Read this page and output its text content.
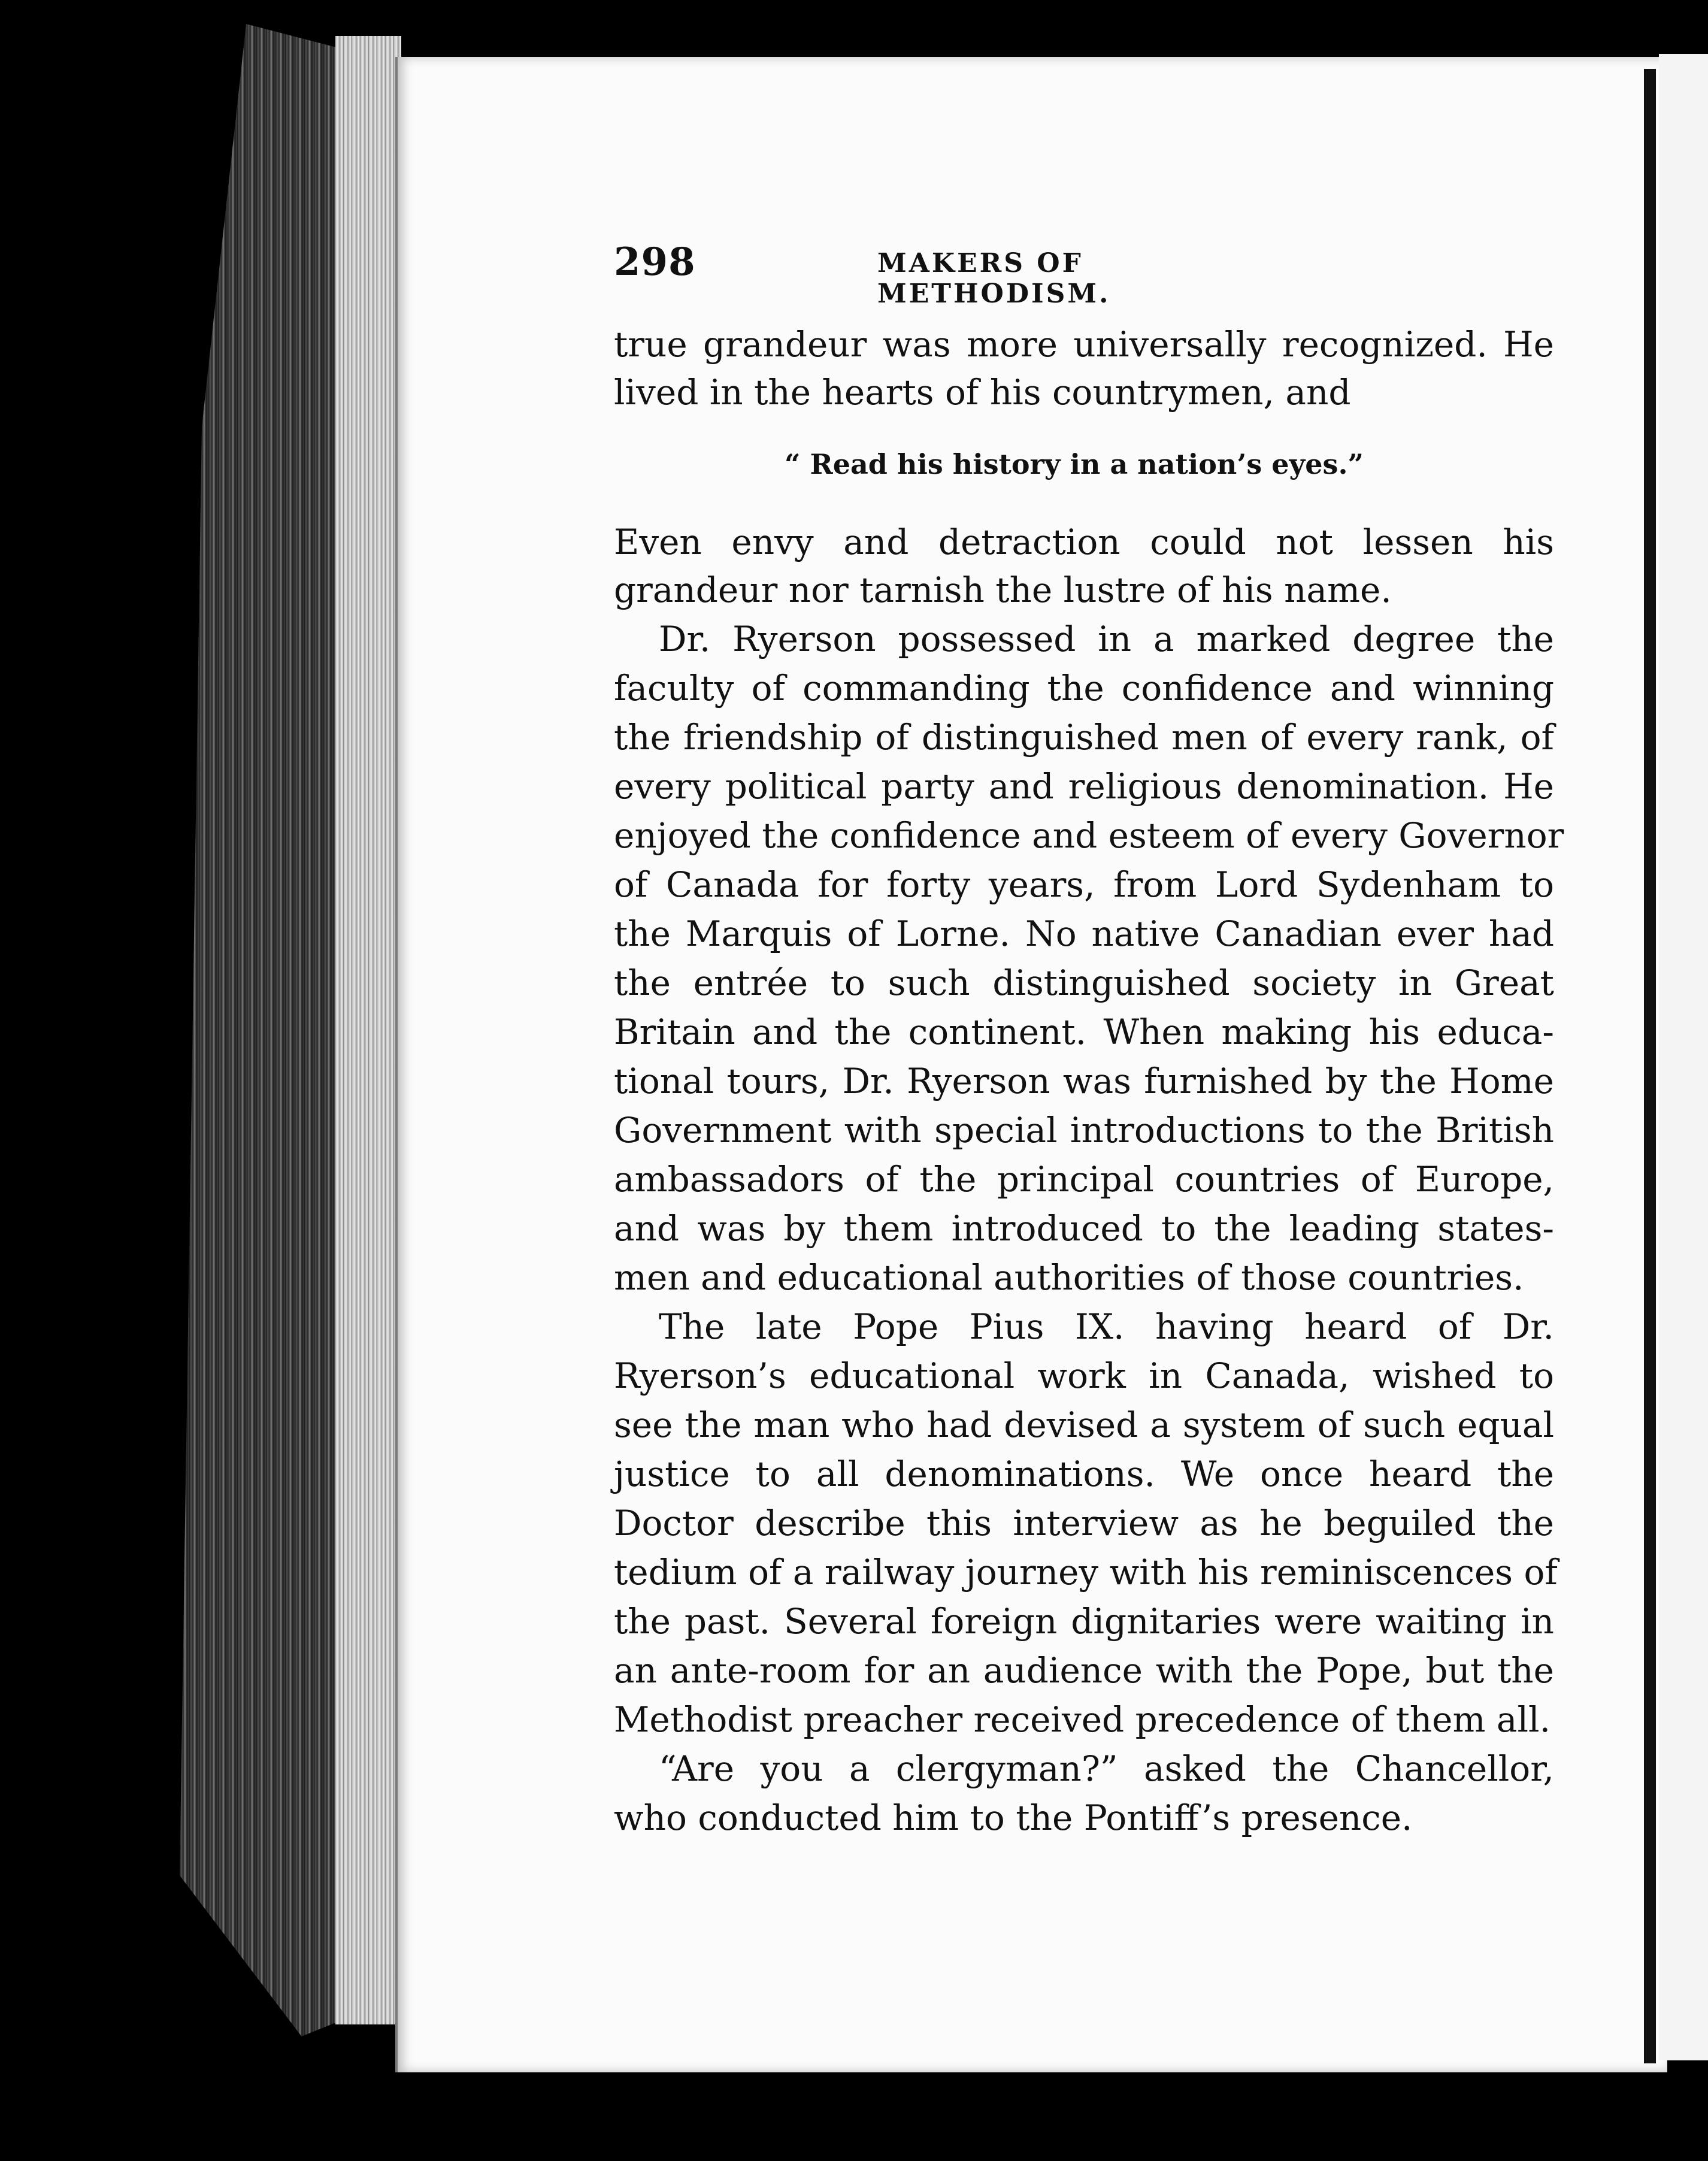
298	MAKERS OF METHODISM.
true grandeur was more universally recognized. He
lived in the hearts of his countrymen, and
“ Read his history in a nation’s eyes.”
Even envy and detraction could not lessen his
grandeur nor tarnish the lustre of his name.
Dr. Ryerson possessed in a marked degree the
faculty of commanding the confidence and winning
the friendship of distinguished men of every rank, of
every political party and religious denomination. He
enjoyed the confidence and esteem of every Governor
of Canada for forty years, from Lord Sydenham to
the Marquis of Lorne. No native Canadian ever had
the entrée to such distinguished society in Great
Britain and the continent. When making his educa-
tional tours, Dr. Ryerson was furnished by the Home
Government with special introductions to the British
ambassadors of the principal countries of Europe,
and was by them introduced to the leading states-
men and educational authorities of those countries.
The late Pope Pius IX. having heard of Dr.
Ryerson’s educational work in Canada, wished to
see the man who had devised a system of such equal
justice to all denominations. We once heard the
Doctor describe this interview as he beguiled the
tedium of a railway journey with his reminiscences of
the past. Several foreign dignitaries were waiting in
an ante-room for an audience with the Pope, but the
Methodist preacher received precedence of them all.
“Are you a clergyman?” asked the Chancellor,
who conducted him to the Pontiff’s presence.
